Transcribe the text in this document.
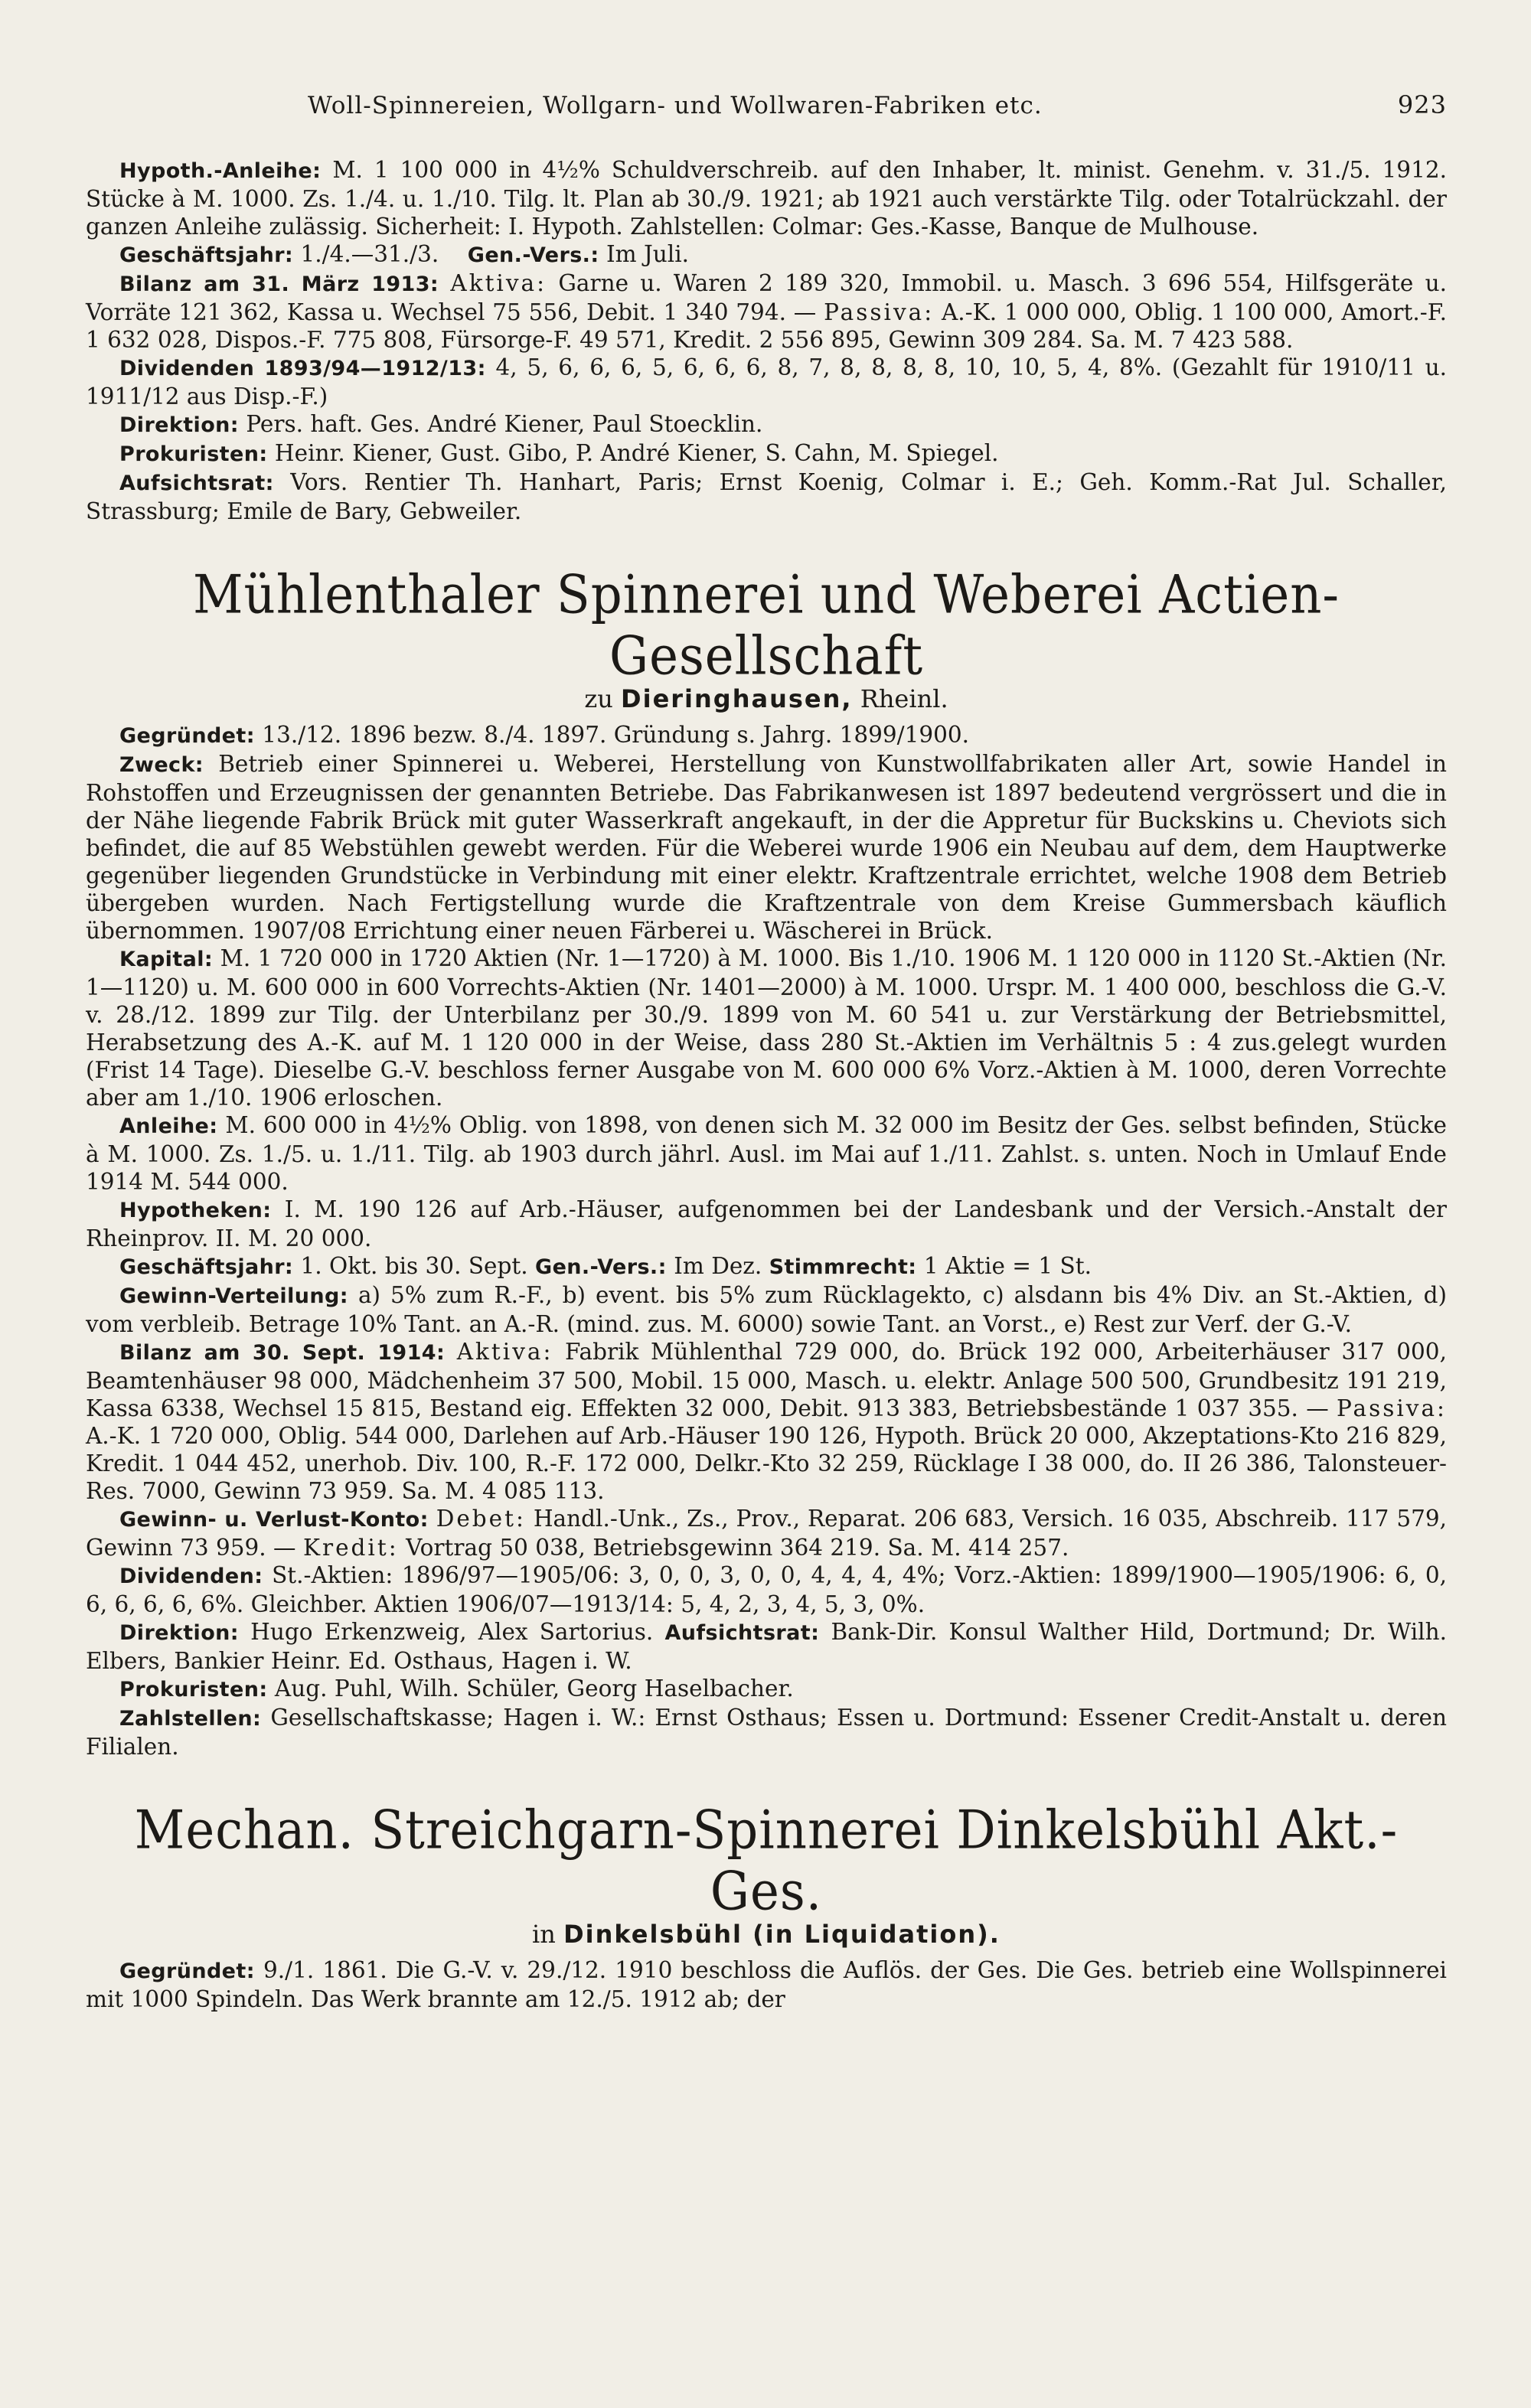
Woll-Spinnereien, Wollgarn- und Wollwaren-Fabriken etc.	923

Hypoth.-Anleihe: M. 1 100 000 in 4½% Schuldverschreib. auf den Inhaber, lt. minist. Genehm. v. 31./5. 1912. Stücke à M. 1000. Zs. 1./4. u. 1./10. Tilg. lt. Plan ab 30./9. 1921; ab 1921 auch verstärkte Tilg. oder Totalrückzahl. der ganzen Anleihe zulässig. Sicherheit: I. Hypoth. Zahlstellen: Colmar: Ges.-Kasse, Banque de Mulhouse.

Geschäftsjahr: 1./4.—31./3. Gen.-Vers.: Im Juli.

Bilanz am 31. März 1913: Aktiva: Garne u. Waren 2 189 320, Immobil. u. Masch. 3 696 554, Hilfsgeräte u. Vorräte 121 362, Kassa u. Wechsel 75 556, Debit. 1 340 794. — Passiva: A.-K. 1 000 000, Oblig. 1 100 000, Amort.-F. 1 632 028, Dispos.-F. 775 808, Fürsorge-F. 49 571, Kredit. 2 556 895, Gewinn 309 284. Sa. M. 7 423 588.

Dividenden 1893/94—1912/13: 4, 5, 6, 6, 6, 5, 6, 6, 6, 8, 7, 8, 8, 8, 8, 10, 10, 5, 4, 8%. (Gezahlt für 1910/11 u. 1911/12 aus Disp.-F.)

Direktion: Pers. haft. Ges. André Kiener, Paul Stoecklin.

Prokuristen: Heinr. Kiener, Gust. Gibo, P. André Kiener, S. Cahn, M. Spiegel.

Aufsichtsrat: Vors. Rentier Th. Hanhart, Paris; Ernst Koenig, Colmar i. E.; Geh. Komm.-Rat Jul. Schaller, Strassburg; Emile de Bary, Gebweiler.

Mühlenthaler Spinnerei und Weberei Actien-Gesellschaft
zu Dieringhausen, Rheinl.

Gegründet: 13./12. 1896 bezw. 8./4. 1897. Gründung s. Jahrg. 1899/1900.

Zweck: Betrieb einer Spinnerei u. Weberei, Herstellung von Kunstwollfabrikaten aller Art, sowie Handel in Rohstoffen und Erzeugnissen der genannten Betriebe. Das Fabrikanwesen ist 1897 bedeutend vergrössert und die in der Nähe liegende Fabrik Brück mit guter Wasserkraft angekauft, in der die Appretur für Buckskins u. Cheviots sich befindet, die auf 85 Webstühlen gewebt werden. Für die Weberei wurde 1906 ein Neubau auf dem, dem Hauptwerke gegenüber liegenden Grundstücke in Verbindung mit einer elektr. Kraftzentrale errichtet, welche 1908 dem Betrieb übergeben wurden. Nach Fertigstellung wurde die Kraftzentrale von dem Kreise Gummersbach käuflich übernommen. 1907/08 Errichtung einer neuen Färberei u. Wäscherei in Brück.

Kapital: M. 1 720 000 in 1720 Aktien (Nr. 1—1720) à M. 1000. Bis 1./10. 1906 M. 1 120 000 in 1120 St.-Aktien (Nr. 1—1120) u. M. 600 000 in 600 Vorrechts-Aktien (Nr. 1401—2000) à M. 1000. Urspr. M. 1 400 000, beschloss die G.-V. v. 28./12. 1899 zur Tilg. der Unterbilanz per 30./9. 1899 von M. 60 541 u. zur Verstärkung der Betriebsmittel, Herabsetzung des A.-K. auf M. 1 120 000 in der Weise, dass 280 St.-Aktien im Verhältnis 5 : 4 zus.gelegt wurden (Frist 14 Tage). Dieselbe G.-V. beschloss ferner Ausgabe von M. 600 000 6% Vorz.-Aktien à M. 1000, deren Vorrechte aber am 1./10. 1906 erloschen.

Anleihe: M. 600 000 in 4½% Oblig. von 1898, von denen sich M. 32 000 im Besitz der Ges. selbst befinden, Stücke à M. 1000. Zs. 1./5. u. 1./11. Tilg. ab 1903 durch jährl. Ausl. im Mai auf 1./11. Zahlst. s. unten. Noch in Umlauf Ende 1914 M. 544 000.

Hypotheken: I. M. 190 126 auf Arb.-Häuser, aufgenommen bei der Landesbank und der Versich.-Anstalt der Rheinprov. II. M. 20 000.

Geschäftsjahr: 1. Okt. bis 30. Sept. Gen.-Vers.: Im Dez. Stimmrecht: 1 Aktie = 1 St.

Gewinn-Verteilung: a) 5% zum R.-F., b) event. bis 5% zum Rücklagekto, c) alsdann bis 4% Div. an St.-Aktien, d) vom verbleib. Betrage 10% Tant. an A.-R. (mind. zus. M. 6000) sowie Tant. an Vorst., e) Rest zur Verf. der G.-V.

Bilanz am 30. Sept. 1914: Aktiva: Fabrik Mühlenthal 729 000, do. Brück 192 000, Arbeiterhäuser 317 000, Beamtenhäuser 98 000, Mädchenheim 37 500, Mobil. 15 000, Masch. u. elektr. Anlage 500 500, Grundbesitz 191 219, Kassa 6338, Wechsel 15 815, Bestand eig. Effekten 32 000, Debit. 913 383, Betriebsbestände 1 037 355. — Passiva: A.-K. 1 720 000, Oblig. 544 000, Darlehen auf Arb.-Häuser 190 126, Hypoth. Brück 20 000, Akzeptations-Kto 216 829, Kredit. 1 044 452, unerhob. Div. 100, R.-F. 172 000, Delkr.-Kto 32 259, Rücklage I 38 000, do. II 26 386, Talonsteuer-Res. 7000, Gewinn 73 959. Sa. M. 4 085 113.

Gewinn- u. Verlust-Konto: Debet: Handl.-Unk., Zs., Prov., Reparat. 206 683, Versich. 16 035, Abschreib. 117 579, Gewinn 73 959. — Kredit: Vortrag 50 038, Betriebsgewinn 364 219. Sa. M. 414 257.

Dividenden: St.-Aktien: 1896/97—1905/06: 3, 0, 0, 3, 0, 0, 4, 4, 4, 4%; Vorz.-Aktien: 1899/1900—1905/1906: 6, 0, 6, 6, 6, 6, 6%. Gleichber. Aktien 1906/07—1913/14: 5, 4, 2, 3, 4, 5, 3, 0%.

Direktion: Hugo Erkenzweig, Alex Sartorius. Aufsichtsrat: Bank-Dir. Konsul Walther Hild, Dortmund; Dr. Wilh. Elbers, Bankier Heinr. Ed. Osthaus, Hagen i. W.

Prokuristen: Aug. Puhl, Wilh. Schüler, Georg Haselbacher.

Zahlstellen: Gesellschaftskasse; Hagen i. W.: Ernst Osthaus; Essen u. Dortmund: Essener Credit-Anstalt u. deren Filialen.

Mechan. Streichgarn-Spinnerei Dinkelsbühl Akt.-Ges.
in Dinkelsbühl (in Liquidation).

Gegründet: 9./1. 1861. Die G.-V. v. 29./12. 1910 beschloss die Auflös. der Ges. Die Ges. betrieb eine Wollspinnerei mit 1000 Spindeln. Das Werk brannte am 12./5. 1912 ab; der
